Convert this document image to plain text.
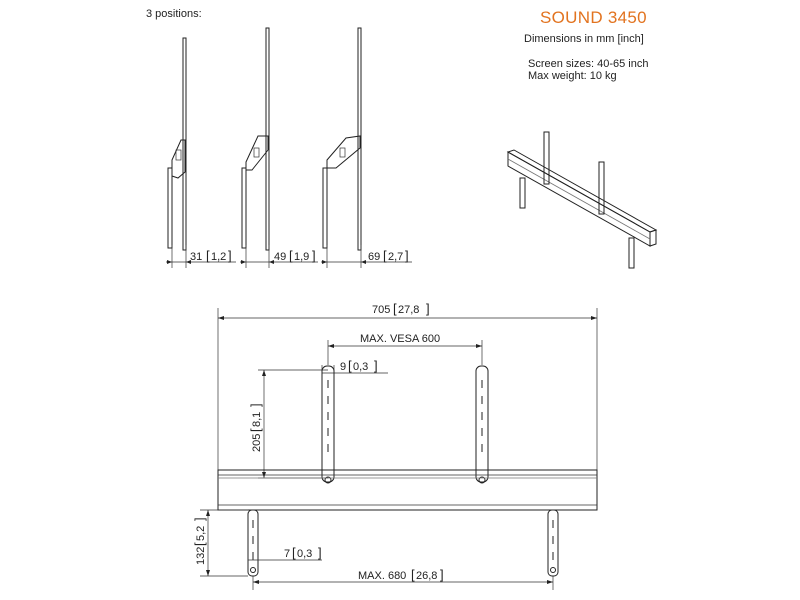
3 positions:	SOUND 3450
Dimensions in mm [inch]
Screen sizes: 40-65 inch
Max weight: 10 kg
31 [ 1,2 ]	49 [ 1,9 ]	69 [ 2,7 ]
705 [ 27,8 ]
MAX. VESA 600
9 [ 0,3 ]
205
[
8,1
]
132
[
5,2
]
7 [ 0,3 ]
MAX. 680 [ 26,8 ]
